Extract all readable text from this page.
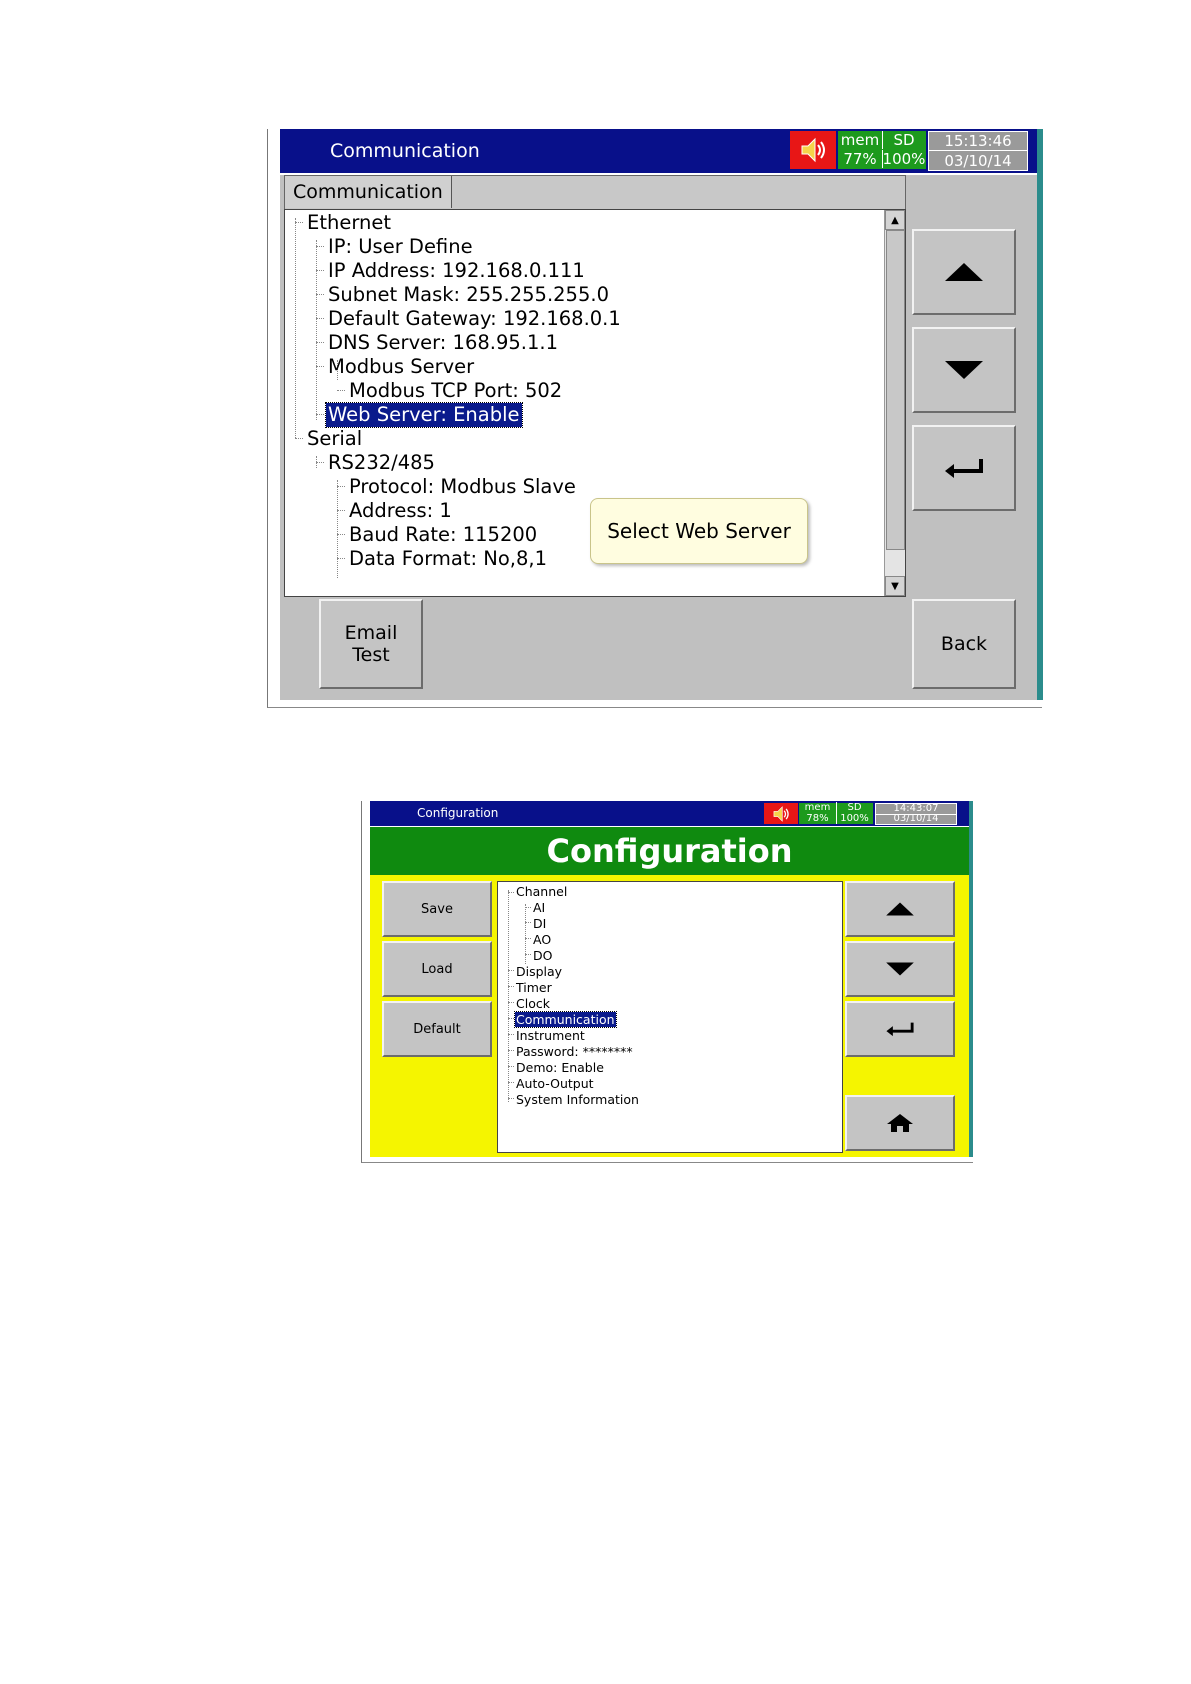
Communication	mem SD
77% 100%
15:13:46
03/10/14
Communication
Ethernet
IP: User Define
IP Address: 192.168.0.111
Subnet Mask: 255.255.255.0
Default Gateway: 192.168.0.1
DNS Server: 168.95.1.1
Modbus Server
Modbus TCP Port: 502
Web Server: Enable
Serial
RS232/485
Protocol: Modbus Slave
Address: 1
Baud Rate: 115200
Data Format: No,8,1
Select Web Server
▲
▼
Email
Test	Back
Configuration	mem	SD
78%	100%
14:43:07
03/10/14
Configuration
Save
Load
Default
Channel
AI
DI
AO
DO
Display
Timer
Clock
Communication
Instrument
Password: ********
Demo: Enable
Auto-Output
System Information
